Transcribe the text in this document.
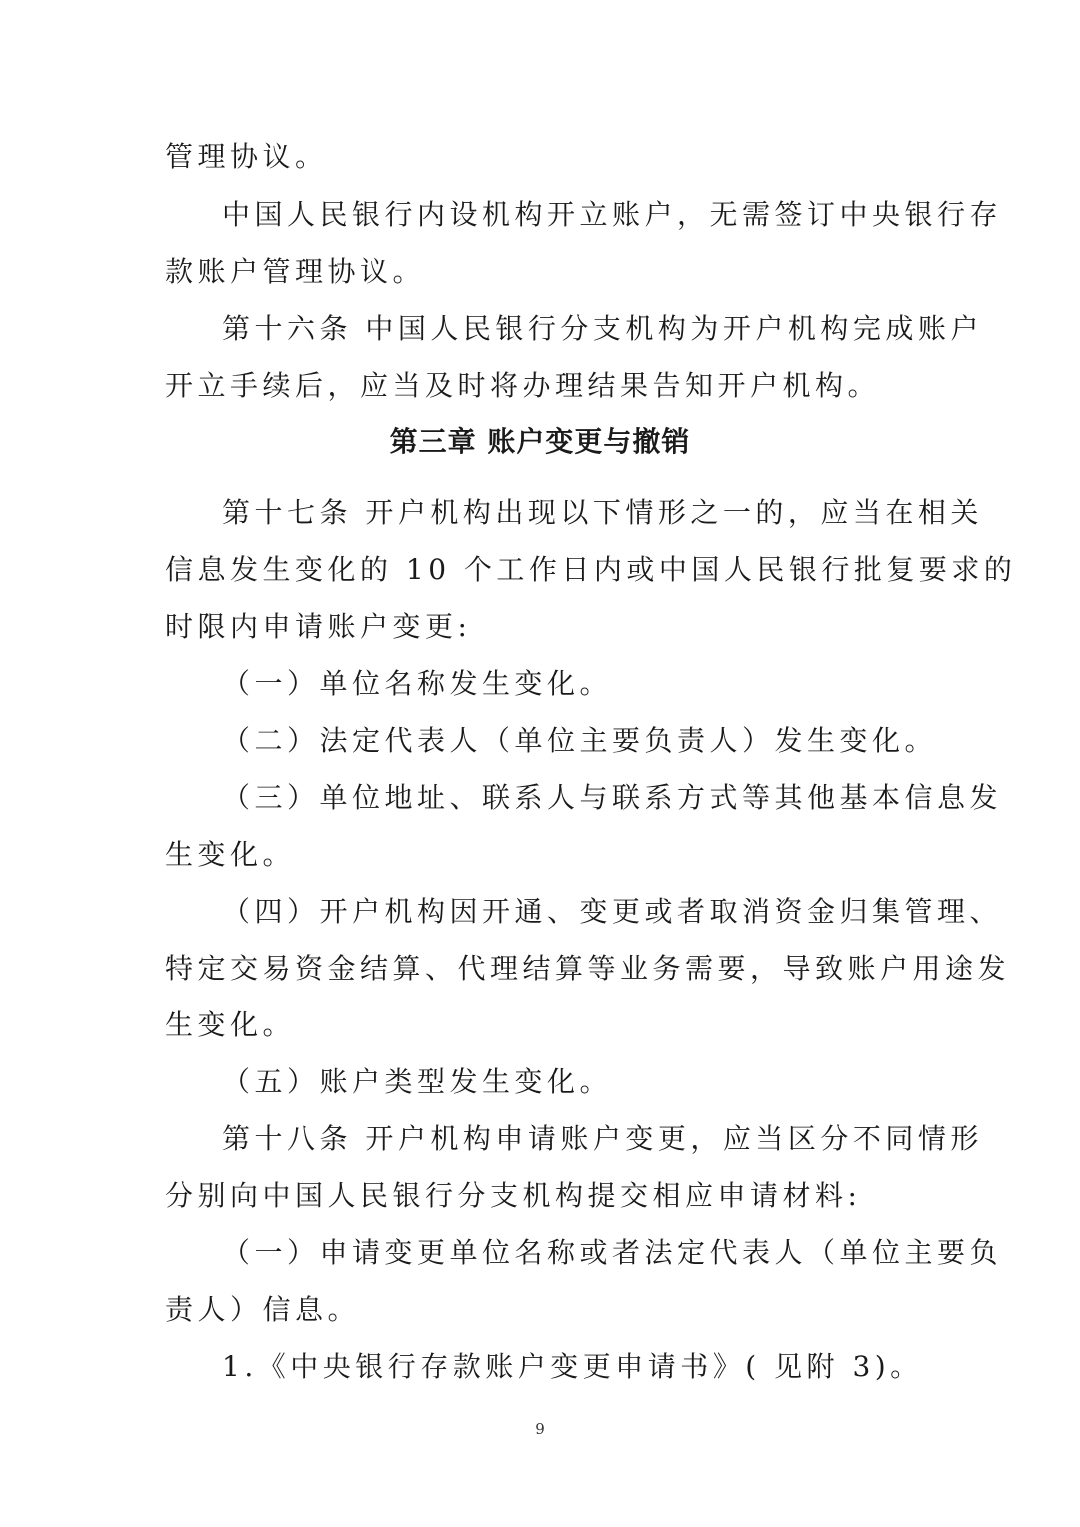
管理协议。
中国人民银行内设机构开立账户，无需签订中央银行存
款账户管理协议。
第十六条 中国人民银行分支机构为开户机构完成账户
开立手续后，应当及时将办理结果告知开户机构。
第三章 账户变更与撤销
第十七条 开户机构出现以下情形之一的，应当在相关
信息发生变化的 10 个工作日内或中国人民银行批复要求的
时限内申请账户变更:
（一）单位名称发生变化。
（二）法定代表人（单位主要负责人）发生变化。
（三）单位地址、联系人与联系方式等其他基本信息发
生变化。
（四）开户机构因开通、变更或者取消资金归集管理、
特定交易资金结算、代理结算等业务需要，导致账户用途发
生变化。
（五）账户类型发生变化。
第十八条 开户机构申请账户变更，应当区分不同情形
分别向中国人民银行分支机构提交相应申请材料:
（一）申请变更单位名称或者法定代表人（单位主要负
责人）信息。
1.《中央银行存款账户变更申请书》( 见附 3)。
9
